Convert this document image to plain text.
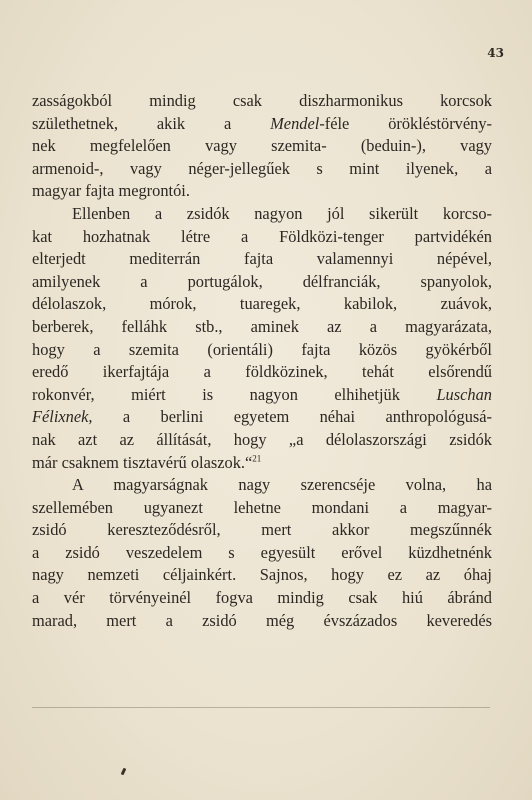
43
zasságokból mindig csak diszharmonikus korcsok
születhetnek, akik a Mendel-féle örökléstörvény-
nek megfelelően vagy szemita- (beduin-), vagy
armenoid-, vagy néger-jellegűek s mint ilyenek, a
magyar fajta megrontói.
Ellenben a zsidók nagyon jól sikerült korcso-
kat hozhatnak létre a Földközi-tenger partvidékén
elterjedt mediterrán fajta valamennyi népével,
amilyenek a portugálok, délfranciák, spanyolok,
délolaszok, mórok, tuaregek, kabilok, zuávok,
berberek, felláhk stb., aminek az a magyarázata,
hogy a szemita (orientáli) fajta közös gyökérből
eredő ikerfajtája a földközinek, tehát elsőrendű
rokonvér, miért is nagyon elhihetjük Luschan
Félixnek, a berlini egyetem néhai anthropológusá-
nak azt az állítását, hogy „a délolaszországi zsidók
már csaknem tisztavérű olaszok.“$^{21}$
A magyarságnak nagy szerencséje volna, ha
szellemében ugyanezt lehetne mondani a magyar-
zsidó kereszteződésről, mert akkor megszűnnék
a zsidó veszedelem s egyesült erővel küzdhetnénk
nagy nemzeti céljainkért. Sajnos, hogy ez az óhaj
a vér törvényeinél fogva mindig csak hiú ábránd
marad, mert a zsidó még évszázados keveredés
